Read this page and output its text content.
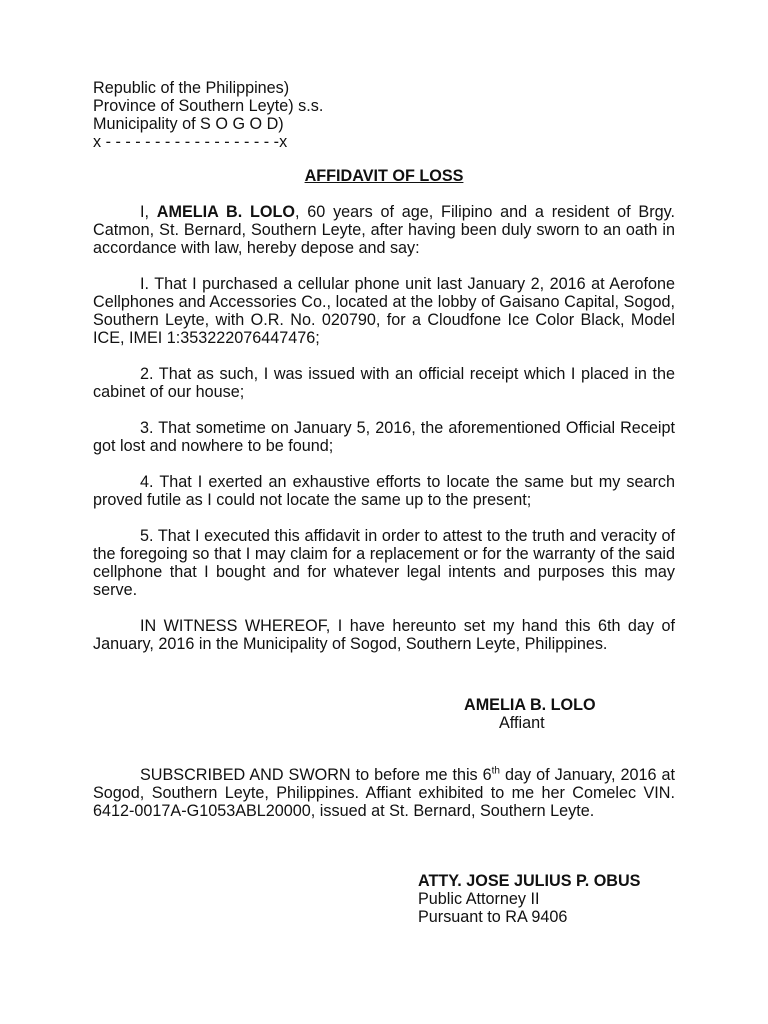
Republic of the Philippines)
Province of Southern Leyte) s.s.
Municipality of S O G O D)
x - - - - - - - - - - - - - - - - - -x
AFFIDAVIT OF LOSS

I, AMELIA B. LOLO, 60 years of age, Filipino and a resident of Brgy. Catmon, St. Bernard, Southern Leyte, after having been duly sworn to an oath in accordance with law, hereby depose and say:

I. That I purchased a cellular phone unit last January 2, 2016 at Aerofone Cellphones and Accessories Co., located at the lobby of Gaisano Capital, Sogod, Southern Leyte, with O.R. No. 020790, for a Cloudfone Ice Color Black, Model ICE, IMEI 1:353222076447476;

2. That as such, I was issued with an official receipt which I placed in the cabinet of our house;

3. That sometime on January 5, 2016, the aforementioned Official Receipt got lost and nowhere to be found;

4. That I exerted an exhaustive efforts to locate the same but my search proved futile as I could not locate the same up to the present;

5. That I executed this affidavit in order to attest to the truth and veracity of the foregoing so that I may claim for a replacement or for the warranty of the said cellphone that I bought and for whatever legal intents and purposes this may serve.

IN WITNESS WHEREOF, I have hereunto set my hand this 6th day of January, 2016 in the Municipality of Sogod, Southern Leyte, Philippines.

AMELIA B. LOLO
Affiant

SUBSCRIBED AND SWORN to before me this 6th day of January, 2016 at Sogod, Southern Leyte, Philippines. Affiant exhibited to me her Comelec VIN. 6412-0017A-G1053ABL20000, issued at St. Bernard, Southern Leyte.

ATTY. JOSE JULIUS P. OBUS
Public Attorney II
Pursuant to RA 9406
